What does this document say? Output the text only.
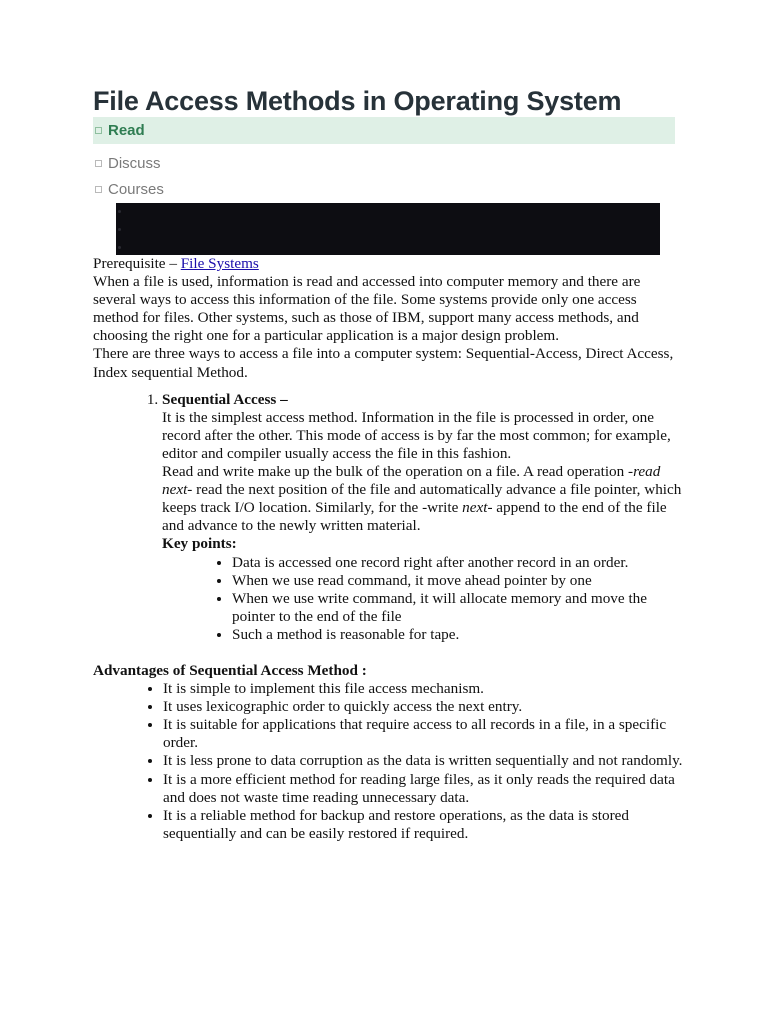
File Access Methods in Operating System
Read
Discuss
Courses

Prerequisite – File Systems

When a file is used, information is read and accessed into computer memory and there are several ways to access this information of the file. Some systems provide only one access method for files. Other systems, such as those of IBM, support many access methods, and choosing the right one for a particular application is a major design problem.

There are three ways to access a file into a computer system: Sequential-Access, Direct Access, Index sequential Method.

1. Sequential Access –
It is the simplest access method. Information in the file is processed in order, one record after the other. This mode of access is by far the most common; for example, editor and compiler usually access the file in this fashion.
Read and write make up the bulk of the operation on a file. A read operation -read next- read the next position of the file and automatically advance a file pointer, which keeps track I/O location. Similarly, for the -write next- append to the end of the file and advance to the newly written material.
Key points:
• Data is accessed one record right after another record in an order.
• When we use read command, it move ahead pointer by one
• When we use write command, it will allocate memory and move the pointer to the end of the file
• Such a method is reasonable for tape.

Advantages of Sequential Access Method :

• It is simple to implement this file access mechanism.
• It uses lexicographic order to quickly access the next entry.
• It is suitable for applications that require access to all records in a file, in a specific order.
• It is less prone to data corruption as the data is written sequentially and not randomly.
• It is a more efficient method for reading large files, as it only reads the required data and does not waste time reading unnecessary data.
• It is a reliable method for backup and restore operations, as the data is stored sequentially and can be easily restored if required.
